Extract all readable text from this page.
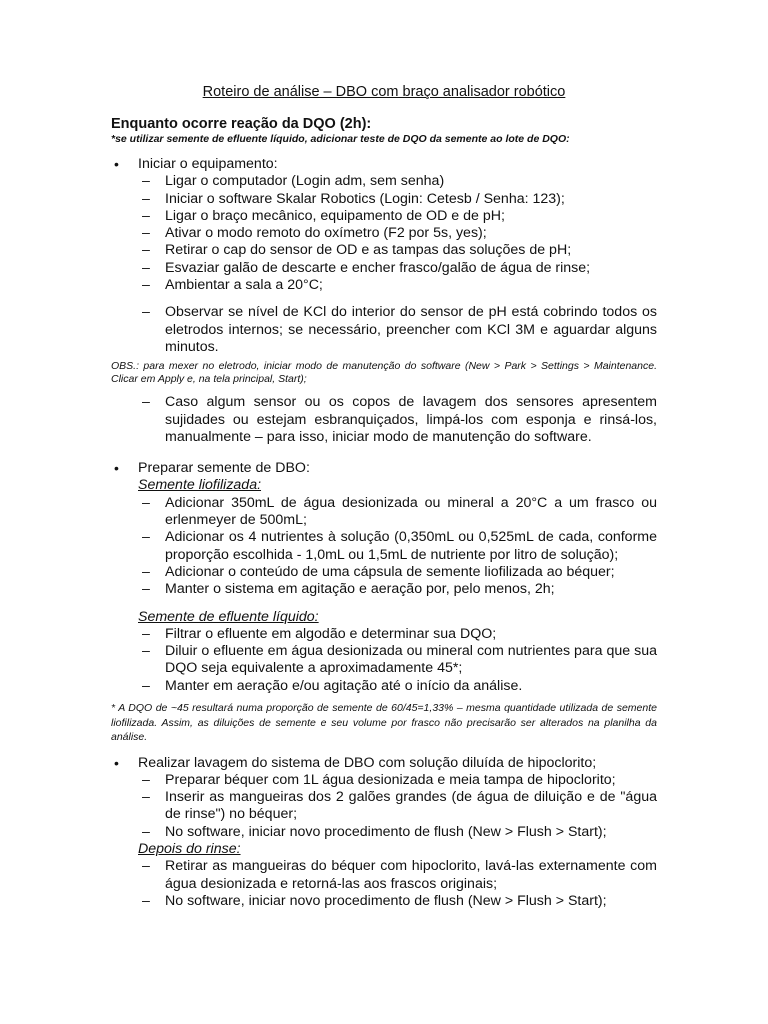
Roteiro de análise – DBO com braço analisador robótico
Enquanto ocorre reação da DQO (2h):
*se utilizar semente de efluente líquido, adicionar teste de DQO da semente ao lote de DQO:
• Iniciar o equipamento:
– Ligar o computador (Login adm, sem senha)
– Iniciar o software Skalar Robotics (Login: Cetesb / Senha: 123);
– Ligar o braço mecânico, equipamento de OD e de pH;
– Ativar o modo remoto do oxímetro (F2 por 5s, yes);
– Retirar o cap do sensor de OD e as tampas das soluções de pH;
– Esvaziar galão de descarte e encher frasco/galão de água de rinse;
– Ambientar a sala a 20°C;
– Observar se nível de KCl do interior do sensor de pH está cobrindo todos os eletrodos internos; se necessário, preencher com KCl 3M e aguardar alguns minutos.
OBS.: para mexer no eletrodo, iniciar modo de manutenção do software (New > Park > Settings > Maintenance. Clicar em Apply e, na tela principal, Start);
– Caso algum sensor ou os copos de lavagem dos sensores apresentem sujidades ou estejam esbranquiçados, limpá-los com esponja e rinsá-los, manualmente – para isso, iniciar modo de manutenção do software.
• Preparar semente de DBO:
Semente liofilizada:
– Adicionar 350mL de água desionizada ou mineral a 20°C a um frasco ou erlenmeyer de 500mL;
– Adicionar os 4 nutrientes à solução (0,350mL ou 0,525mL de cada, conforme proporção escolhida - 1,0mL ou 1,5mL de nutriente por litro de solução);
– Adicionar o conteúdo de uma cápsula de semente liofilizada ao béquer;
– Manter o sistema em agitação e aeração por, pelo menos, 2h;
Semente de efluente líquido:
– Filtrar o efluente em algodão e determinar sua DQO;
– Diluir o efluente em água desionizada ou mineral com nutrientes para que sua DQO seja equivalente a aproximadamente 45*;
– Manter em aeração e/ou agitação até o início da análise.
* A DQO de ~45 resultará numa proporção de semente de 60/45=1,33% – mesma quantidade utilizada de semente liofilizada. Assim, as diluições de semente e seu volume por frasco não precisarão ser alterados na planilha da análise.
• Realizar lavagem do sistema de DBO com solução diluída de hipoclorito;
– Preparar béquer com 1L água desionizada e meia tampa de hipoclorito;
– Inserir as mangueiras dos 2 galões grandes (de água de diluição e de "água de rinse") no béquer;
– No software, iniciar novo procedimento de flush (New > Flush > Start);
Depois do rinse:
– Retirar as mangueiras do béquer com hipoclorito, lavá-las externamente com água desionizada e retorná-las aos frascos originais;
– No software, iniciar novo procedimento de flush (New > Flush > Start);
